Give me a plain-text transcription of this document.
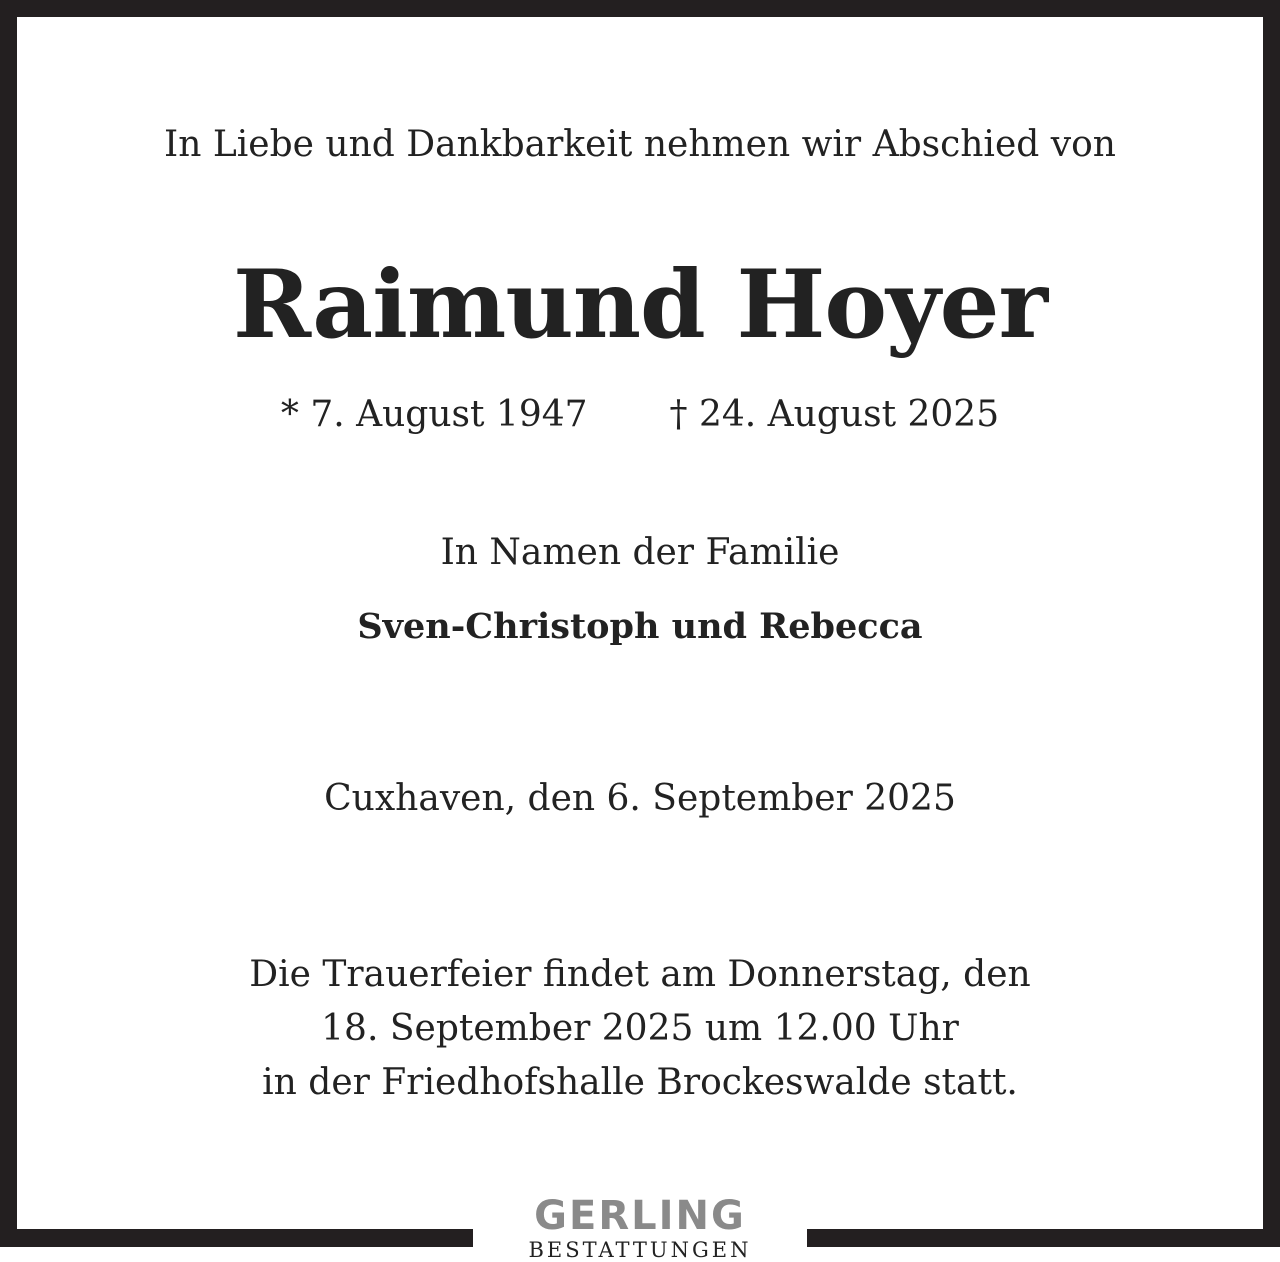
In Liebe und Dankbarkeit nehmen wir Abschied von

Raimund Hoyer

* 7. August 1947 † 24. August 2025

In Namen der Familie

Sven-Christoph und Rebecca

Cuxhaven, den 6. September 2025

Die Trauerfeier findet am Donnerstag, den
18. September 2025 um 12.00 Uhr
in der Friedhofshalle Brockeswalde statt.
GERLING
BESTATTUNGEN
